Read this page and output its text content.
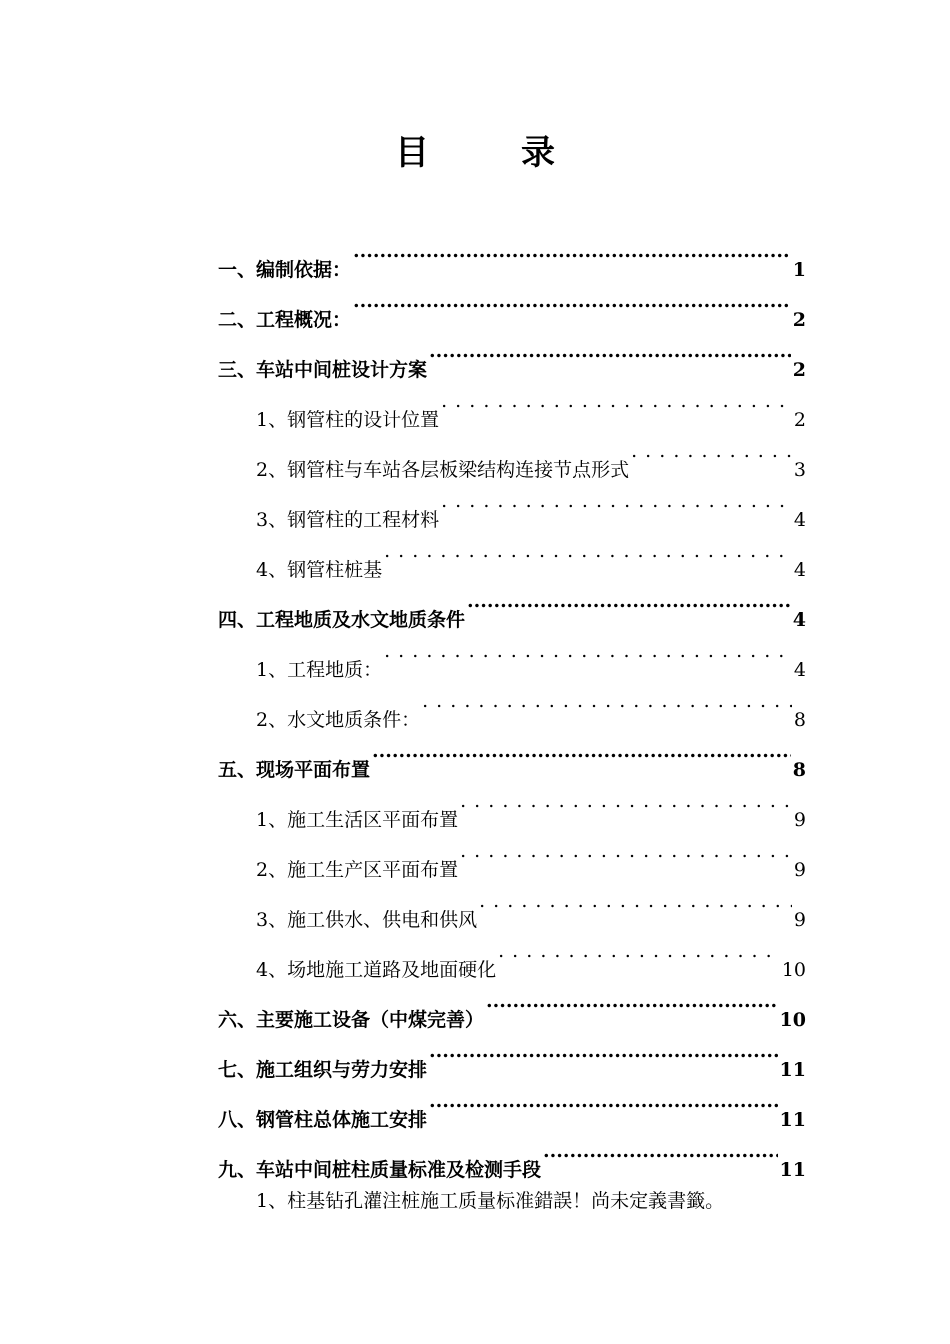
目	录
一、编制依据： .....	1
二、工程概况： .....	2
三、车站中间桩设计方案 .....	2
1、钢管柱的设计位置 . . .	2
2、钢管柱与车站各层板梁结构连接节点形式 . . .	3
3、钢管柱的工程材料 . . .	4
4、钢管柱桩基 . . .	4
四、工程地质及水文地质条件 .....	4
1、工程地质： . . .	4
2、水文地质条件： . . .	8
五、现场平面布置 .....	8
1、施工生活区平面布置 . . .	9
2、施工生产区平面布置 . . .	9
3、施工供水、供电和供风 . . .	9
4、场地施工道路及地面硬化 . . .	10
六、主要施工设备（中煤完善） .....	10
七、施工组织与劳力安排 .....	11
八、钢管柱总体施工安排 .....	11
九、车站中间桩柱质量标准及检测手段 .....	11
1、柱基钻孔灌注桩施工质量标准錯誤！尚未定義書籤。
